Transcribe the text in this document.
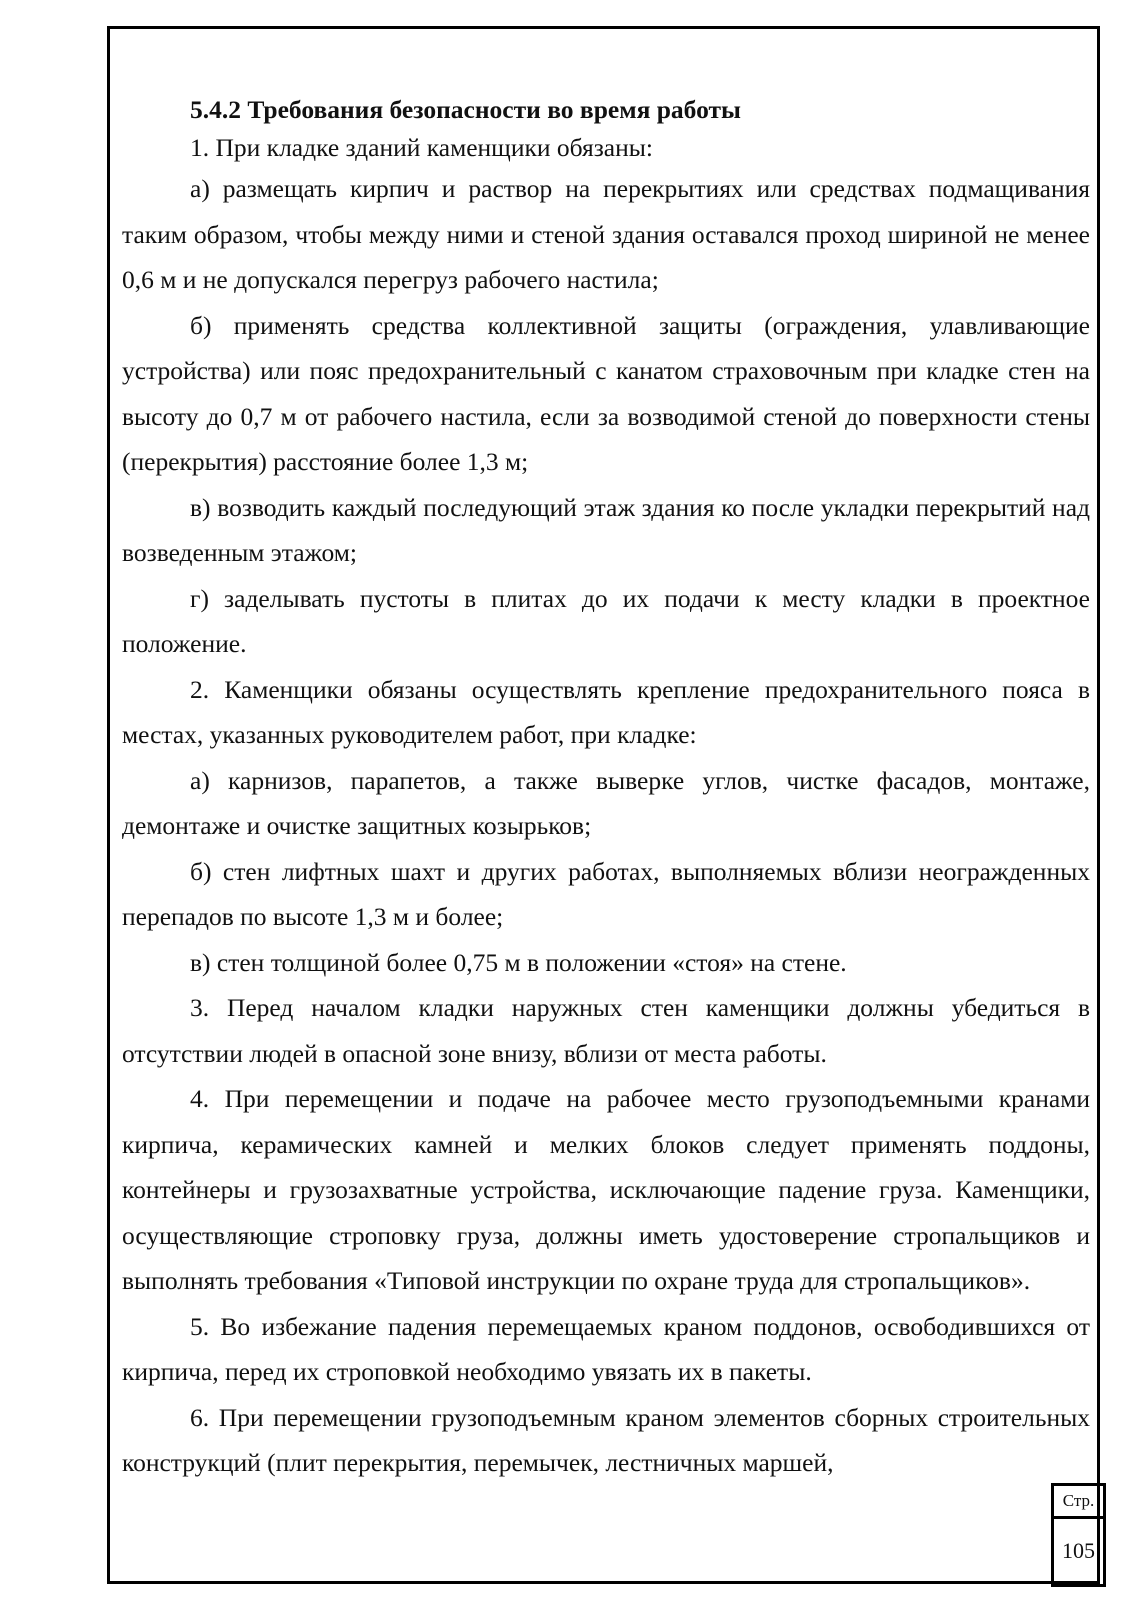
5.4.2 Требования безопасности во время работы

1. При кладке зданий каменщики обязаны:

а) размещать кирпич и раствор на перекрытиях или средствах подмащивания таким образом, чтобы между ними и стеной здания оставался проход шириной не менее 0,6 м и не допускался перегруз рабочего настила;

б) применять средства коллективной защиты (ограждения, улавливающие устройства) или пояс предохранительный с канатом страховочным при кладке стен на высоту до 0,7 м от рабочего настила, если за возводимой стеной до поверхности стены (перекрытия) расстояние более 1,3 м;

в) возводить каждый последующий этаж здания ко после укладки перекрытий над возведенным этажом;

г) заделывать пустоты в плитах до их подачи к месту кладки в проектное положение.

2. Каменщики обязаны осуществлять крепление предохранительного пояса в местах, указанных руководителем работ, при кладке:

а) карнизов, парапетов, а также выверке углов, чистке фасадов, монтаже, демонтаже и очистке защитных козырьков;

б) стен лифтных шахт и других работах, выполняемых вблизи неогражденных перепадов по высоте 1,3 м и более;

в) стен толщиной более 0,75 м в положении «стоя» на стене.

3. Перед началом кладки наружных стен каменщики должны убедиться в отсутствии людей в опасной зоне внизу, вблизи от места работы.

4. При перемещении и подаче на рабочее место грузоподъемными кранами кирпича, керамических камней и мелких блоков следует применять поддоны, контейнеры и грузозахватные устройства, исключающие падение груза. Каменщики, осуществляющие строповку груза, должны иметь удостоверение стропальщиков и выполнять требования «Типовой инструкции по охране труда для стропальщиков».

5. Во избежание падения перемещаемых краном поддонов, освободившихся от кирпича, перед их строповкой необходимо увязать их в пакеты.

6. При перемещении грузоподъемным краном элементов сборных строительных конструкций (плит перекрытия, перемычек, лестничных маршей,

Стр.
105
